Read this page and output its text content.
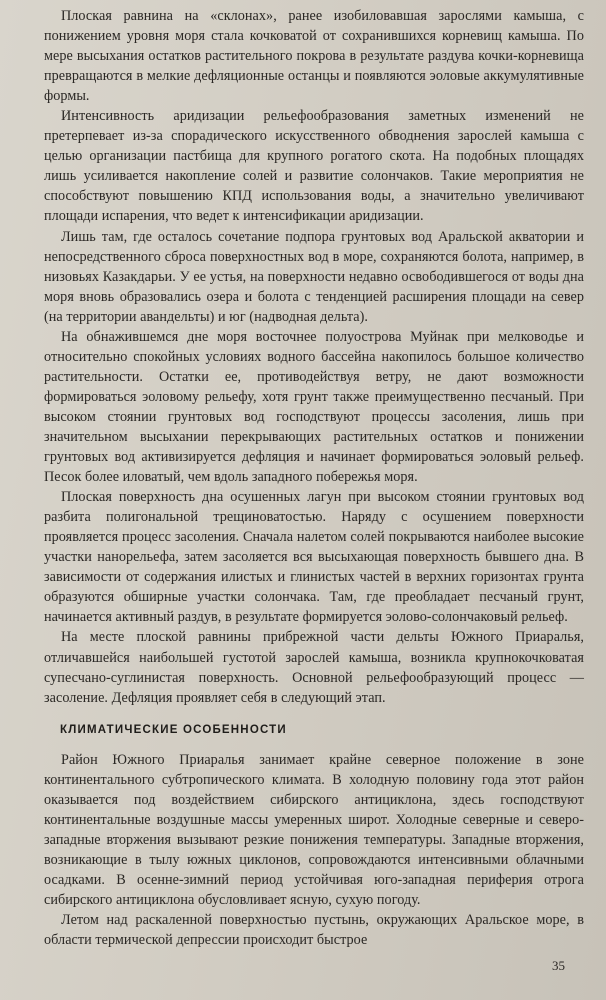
Плоская равнина на «склонах», ранее изобиловавшая зарослями камыша, с понижением уровня моря стала кочковатой от сохранившихся корневищ камыша. По мере высыхания остатков растительного покрова в результате раздува кочки-корневища превращаются в мелкие дефляционные останцы и появляются эоловые аккумулятивные формы.

Интенсивность аридизации рельефообразования заметных изменений не претерпевает из-за спорадического искусственного обводнения зарослей камыша с целью организации пастбища для крупного рогатого скота. На подобных площадях лишь усиливается накопление солей и развитие солончаков. Такие мероприятия не способствуют повышению КПД использования воды, а значительно увеличивают площади испарения, что ведет к интенсификации аридизации.

Лишь там, где осталось сочетание подпора грунтовых вод Аральской акватории и непосредственного сброса поверхностных вод в море, сохраняются болота, например, в низовьях Казакдарьи. У ее устья, на поверхности недавно освободившегося от воды дна моря вновь образовались озера и болота с тенденцией расширения площади на север (на территории авандельты) и юг (надводная дельта).

На обнажившемся дне моря восточнее полуострова Муйнак при мелководье и относительно спокойных условиях водного бассейна накопилось большое количество растительности. Остатки ее, противодействуя ветру, не дают возможности формироваться эоловому рельефу, хотя грунт также преимущественно песчаный. При высоком стоянии грунтовых вод господствуют процессы засоления, лишь при значительном высыхании перекрывающих растительных остатков и понижении грунтовых вод активизируется дефляция и начинает формироваться эоловый рельеф. Песок более иловатый, чем вдоль западного побережья моря.

Плоская поверхность дна осушенных лагун при высоком стоянии грунтовых вод разбита полигональной трещиноватостью. Наряду с осушением поверхности проявляется процесс засоления. Сначала налетом солей покрываются наиболее высокие участки нанорельефа, затем засоляется вся высыхающая поверхность бывшего дна. В зависимости от содержания илистых и глинистых частей в верхних горизонтах грунта образуются обширные участки солончака. Там, где преобладает песчаный грунт, начинается активный раздув, в результате формируется эолово-солончаковый рельеф.

На месте плоской равнины прибрежной части дельты Южного Приаралья, отличавшейся наибольшей густотой зарослей камыша, возникла крупнокочковатая супесчано-суглинистая поверхность. Основной рельефообразующий процесс — засоление. Дефляция проявляет себя в следующий этап.

КЛИМАТИЧЕСКИЕ ОСОБЕННОСТИ

Район Южного Приаралья занимает крайне северное положение в зоне континентального субтропического климата. В холодную половину года этот район оказывается под воздействием сибирского антициклона, здесь господствуют континентальные воздушные массы умеренных широт. Холодные северные и северо-западные вторжения вызывают резкие понижения температуры. Западные вторжения, возникающие в тылу южных циклонов, сопровождаются интенсивными облачными осадками. В осенне-зимний период устойчивая юго-западная периферия отрога сибирского антициклона обусловливает ясную, сухую погоду.

Летом над раскаленной поверхностью пустынь, окружающих Аральское море, в области термической депрессии происходит быстрое

35
